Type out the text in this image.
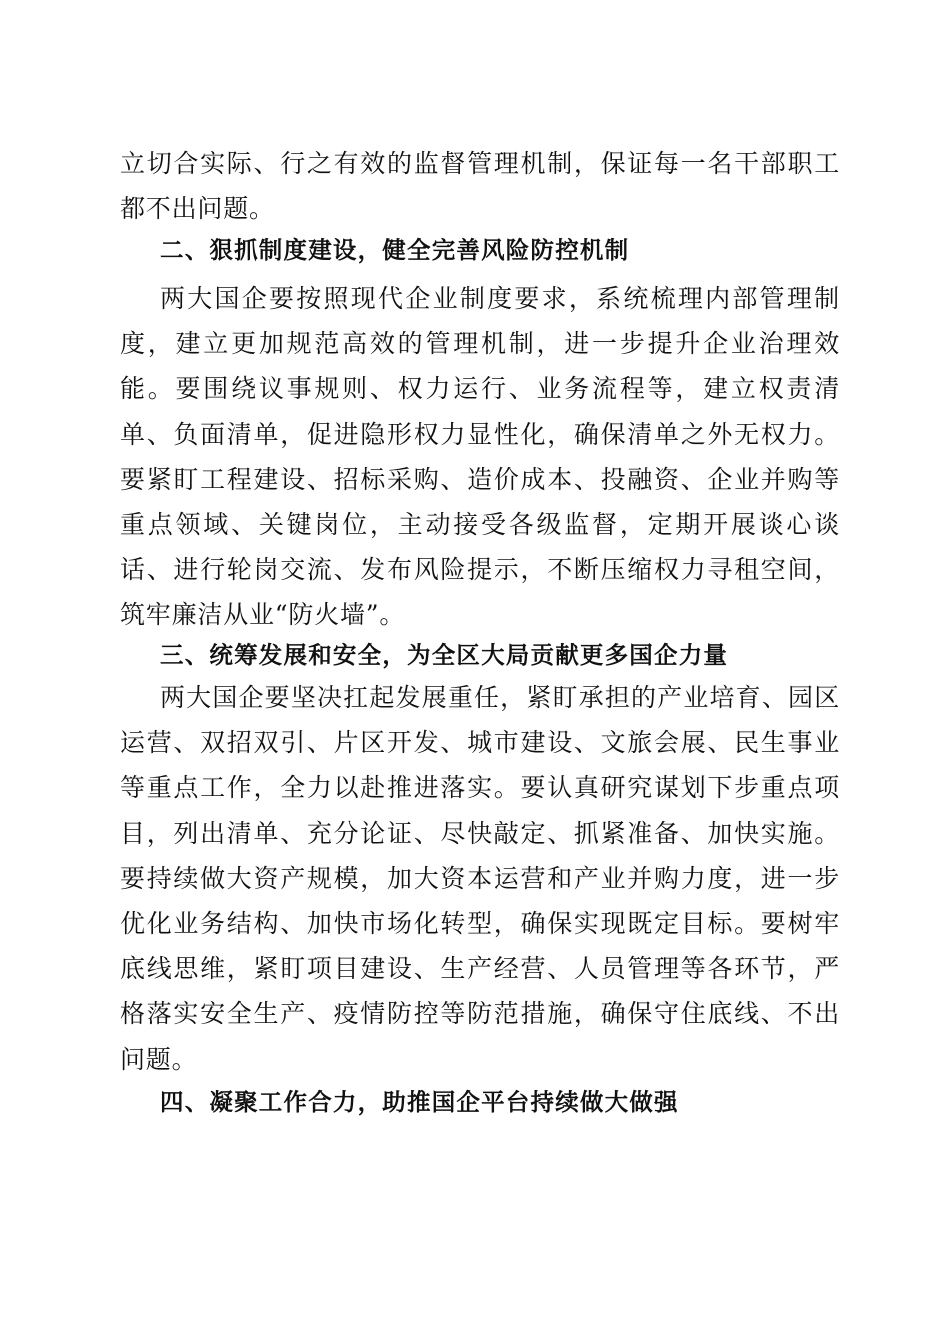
立切合实际、行之有效的监督管理机制，保证每一名干部职工都不出问题。

二、狠抓制度建设，健全完善风险防控机制

两大国企要按照现代企业制度要求，系统梳理内部管理制度，建立更加规范高效的管理机制，进一步提升企业治理效能。要围绕议事规则、权力运行、业务流程等，建立权责清单、负面清单，促进隐形权力显性化，确保清单之外无权力。要紧盯工程建设、招标采购、造价成本、投融资、企业并购等重点领域、关键岗位，主动接受各级监督，定期开展谈心谈话、进行轮岗交流、发布风险提示，不断压缩权力寻租空间，筑牢廉洁从业“防火墙”。

三、统筹发展和安全，为全区大局贡献更多国企力量

两大国企要坚决扛起发展重任，紧盯承担的产业培育、园区运营、双招双引、片区开发、城市建设、文旅会展、民生事业等重点工作，全力以赴推进落实。要认真研究谋划下步重点项目，列出清单、充分论证、尽快敲定、抓紧准备、加快实施。要持续做大资产规模，加大资本运营和产业并购力度，进一步优化业务结构、加快市场化转型，确保实现既定目标。要树牢底线思维，紧盯项目建设、生产经营、人员管理等各环节，严格落实安全生产、疫情防控等防范措施，确保守住底线、不出问题。

四、凝聚工作合力，助推国企平台持续做大做强
